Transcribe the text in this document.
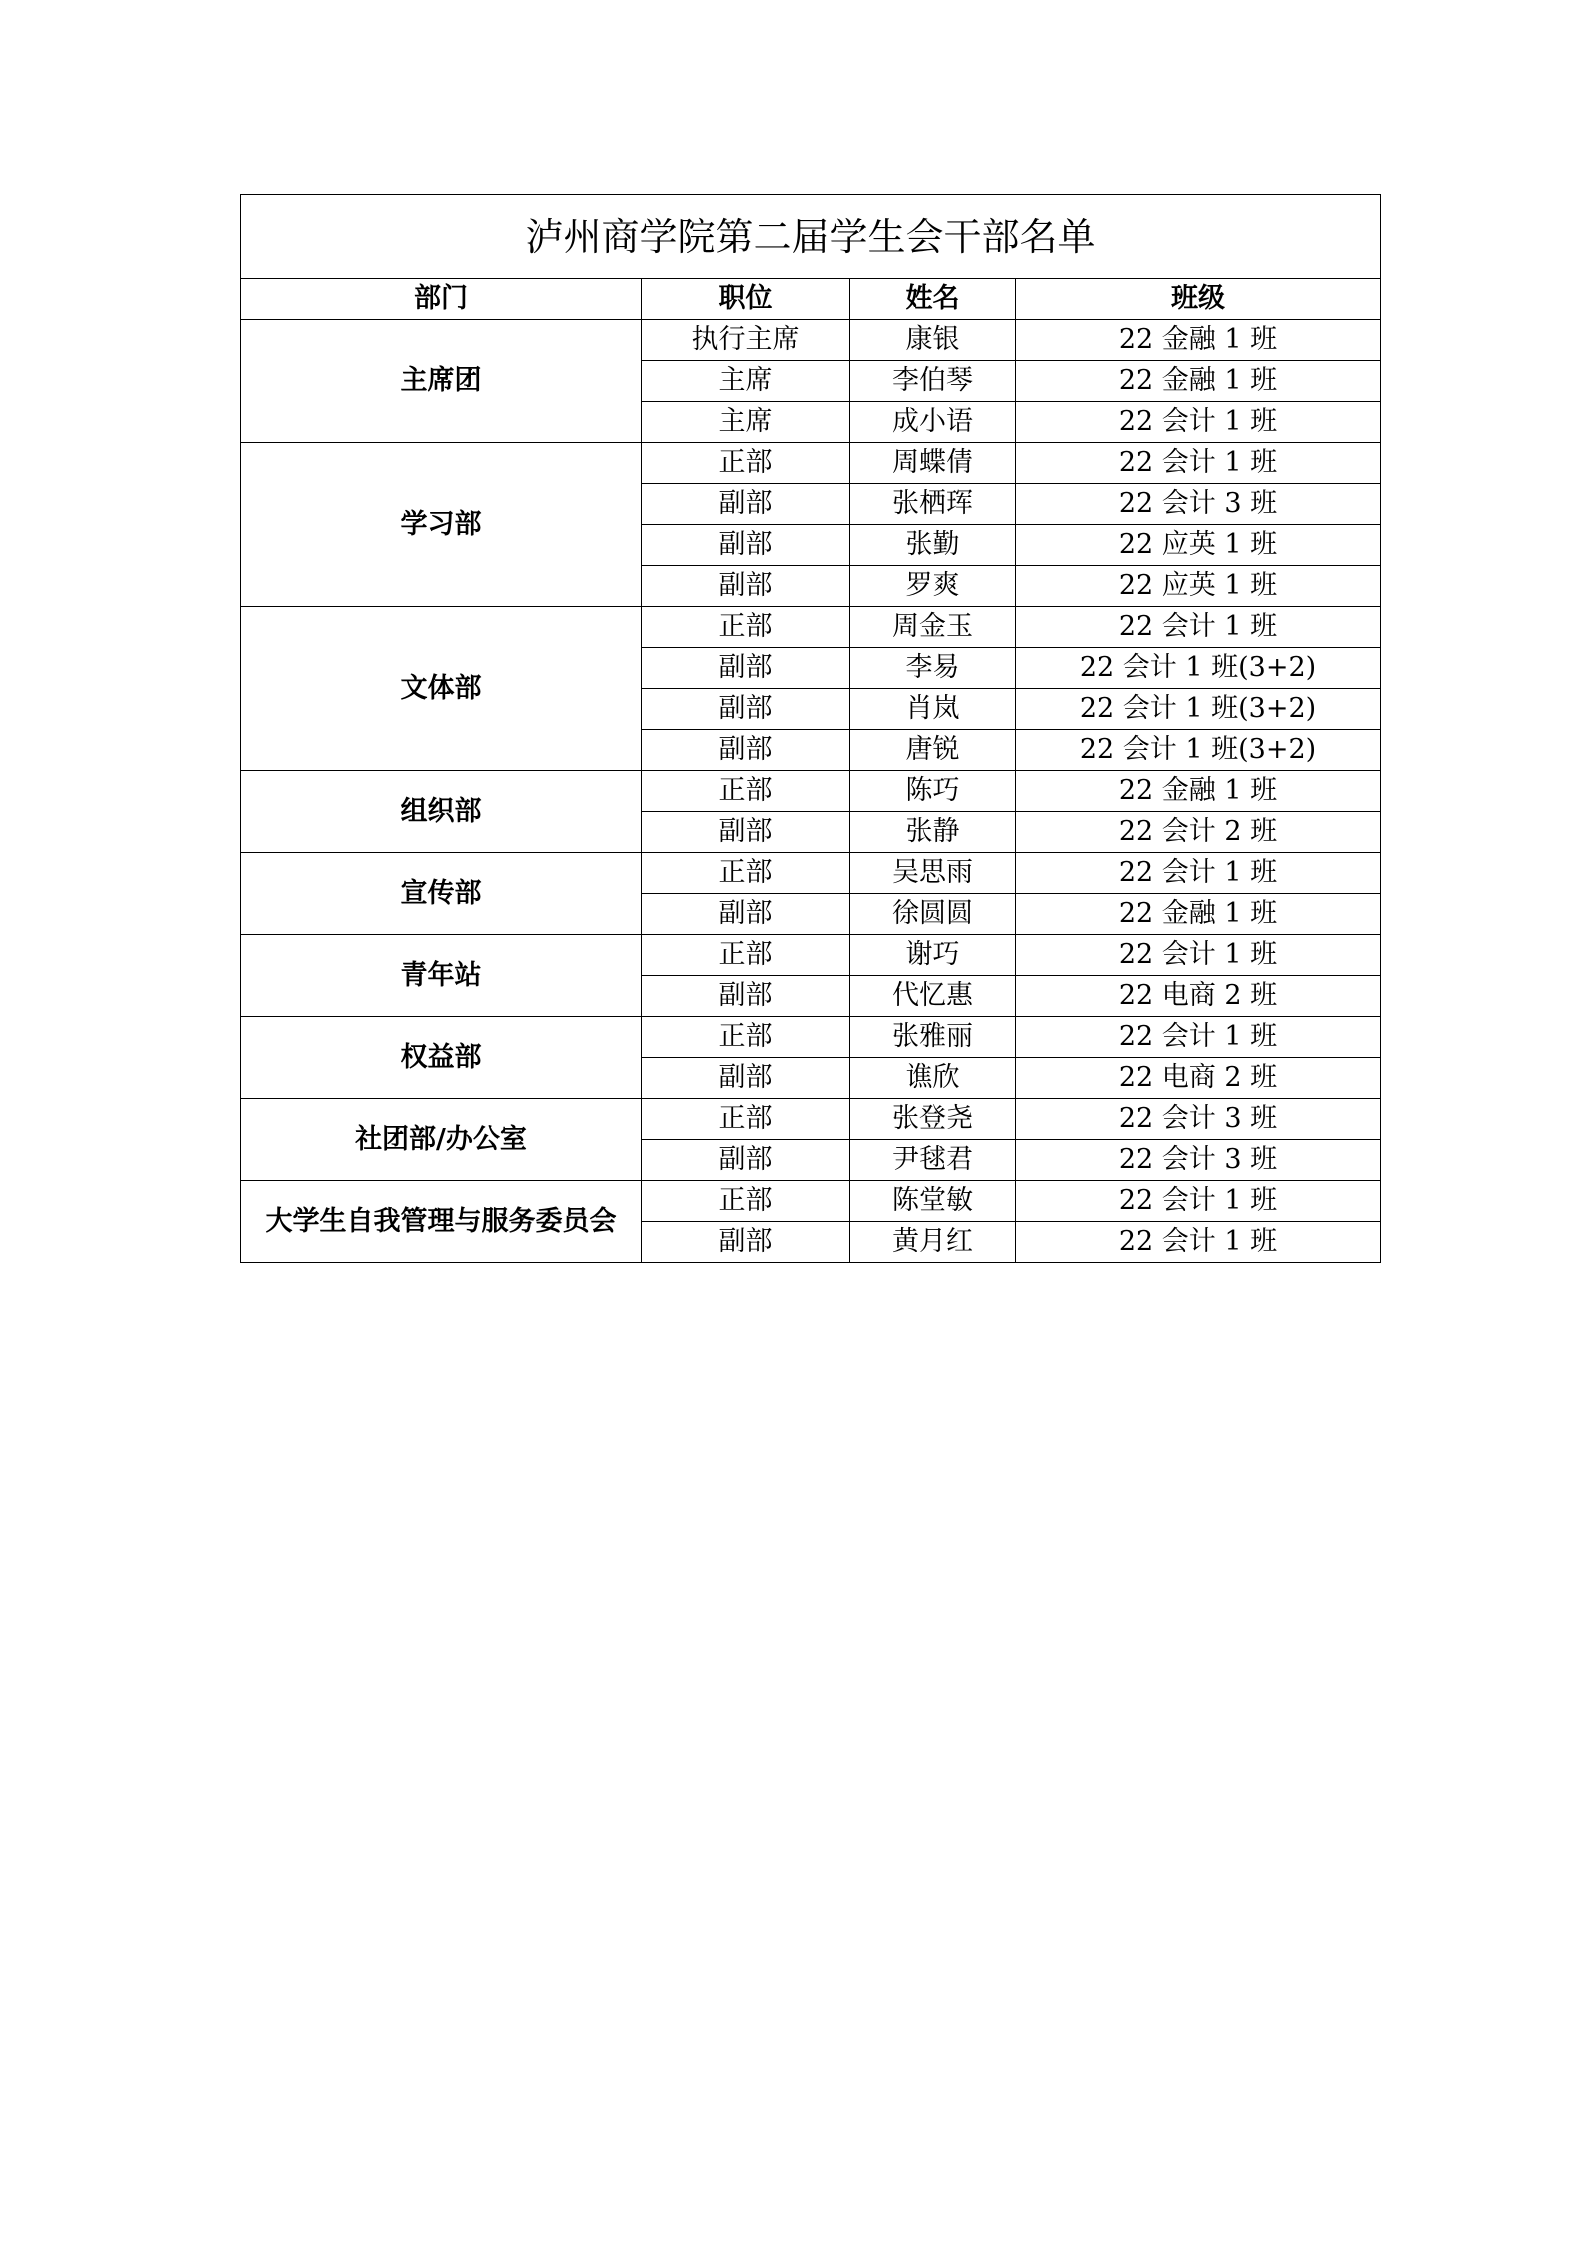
泸州商学院第二届学生会干部名单			
部门	职位	姓名	班级
主席团	执行主席	康银	22 金融 1 班
	主席	李伯琴	22 金融 1 班
	主席	成小语	22 会计 1 班
学习部	正部	周蝶倩	22 会计 1 班
	副部	张栖珲	22 会计 3 班
	副部	张勤	22 应英 1 班
	副部	罗爽	22 应英 1 班
文体部	正部	周金玉	22 会计 1 班
	副部	李易	22 会计 1 班(3+2)
	副部	肖岚	22 会计 1 班(3+2)
	副部	唐锐	22 会计 1 班(3+2)
组织部	正部	陈巧	22 金融 1 班
	副部	张静	22 会计 2 班
宣传部	正部	吴思雨	22 会计 1 班
	副部	徐圆圆	22 金融 1 班
青年站	正部	谢巧	22 会计 1 班
	副部	代忆惠	22 电商 2 班
权益部	正部	张雅丽	22 会计 1 班
	副部	谯欣	22 电商 2 班
社团部/办公室	正部	张登尧	22 会计 3 班
	副部	尹毬君	22 会计 3 班
大学生自我管理与服务委员会	正部	陈堂敏	22 会计 1 班
	副部	黄月红	22 会计 1 班
